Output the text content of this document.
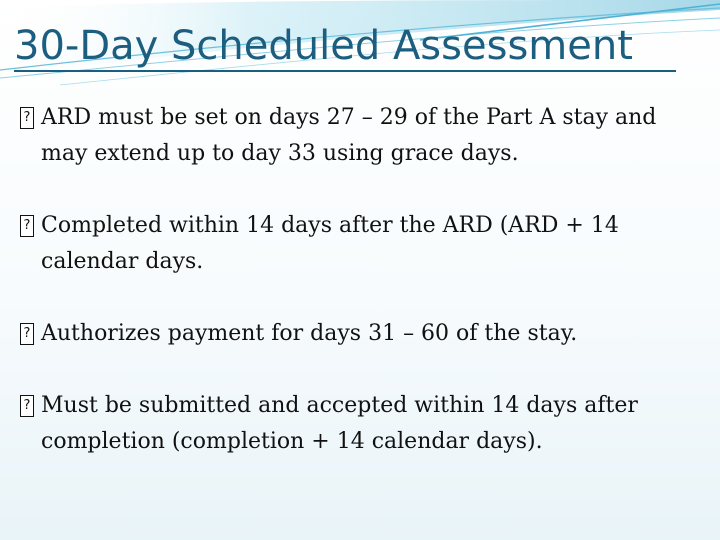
30-Day Scheduled Assessment
?
ARD must be set on days 27 – 29 of the Part A stay and may extend up to day 33 using grace days.
?
Completed within 14 days after the ARD (ARD + 14 calendar days.
?
Authorizes payment for days 31 – 60 of the stay.
?
Must be submitted and accepted within 14 days after completion (completion + 14 calendar days).
